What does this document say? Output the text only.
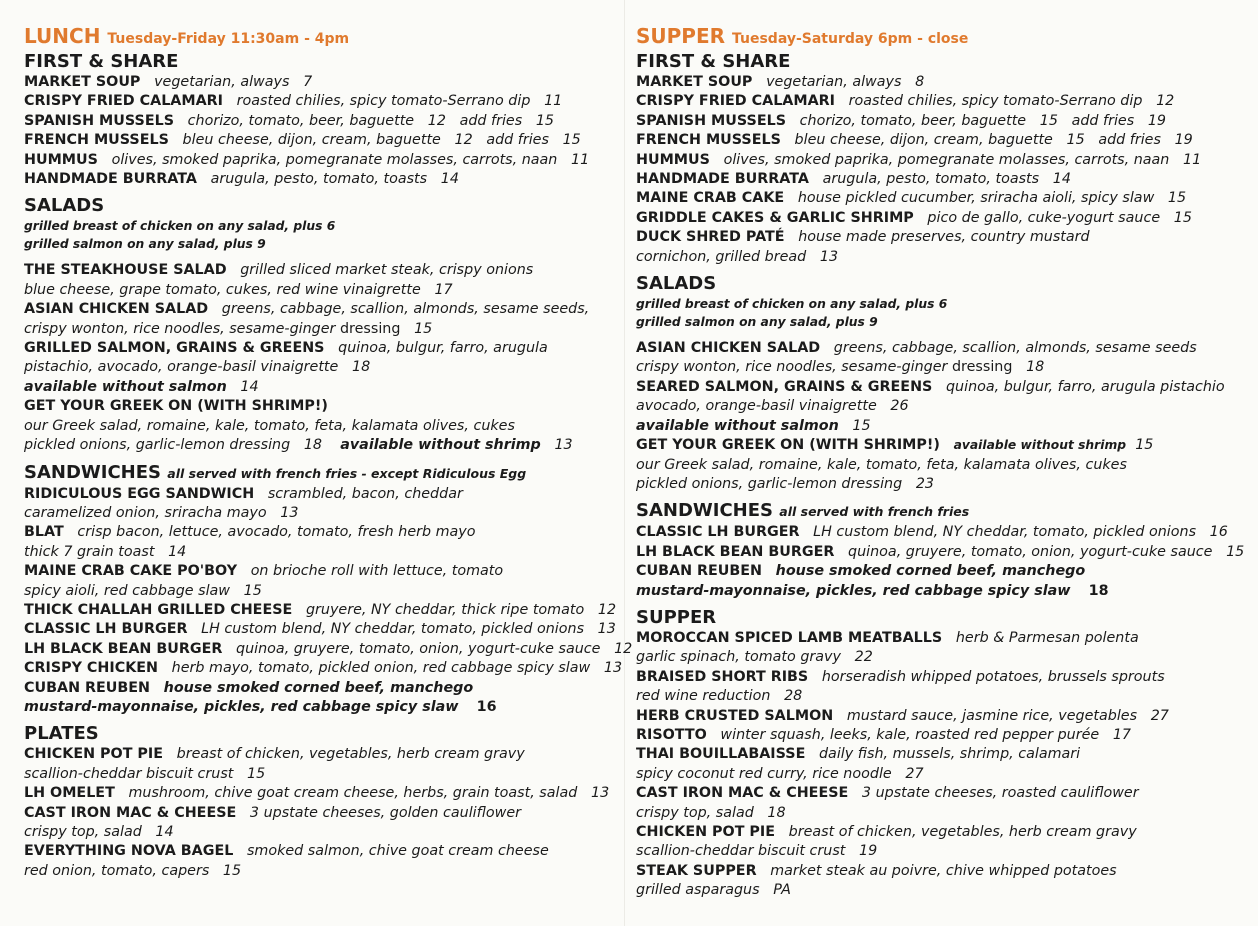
LUNCH Tuesday-Friday 11:30am - 4pm
FIRST & SHARE

MARKET SOUP vegetarian, always 7

CRISPY FRIED CALAMARI roasted chilies, spicy tomato-Serrano dip 11

SPANISH MUSSELS chorizo, tomato, beer, baguette 12 add fries 15

FRENCH MUSSELS bleu cheese, dijon, cream, baguette 12 add fries 15

HUMMUS olives, smoked paprika, pomegranate molasses, carrots, naan 11

HANDMADE BURRATA arugula, pesto, tomato, toasts 14

SALADS

grilled breast of chicken on any salad, plus 6

grilled salmon on any salad, plus 9

THE STEAKHOUSE SALAD grilled sliced market steak, crispy onions

blue cheese, grape tomato, cukes, red wine vinaigrette 17

ASIAN CHICKEN SALAD greens, cabbage, scallion, almonds, sesame seeds,

crispy wonton, rice noodles, sesame-ginger dressing 15

GRILLED SALMON, GRAINS & GREENS quinoa, bulgur, farro, arugula

pistachio, avocado, orange-basil vinaigrette 18

available without salmon 14

GET YOUR GREEK ON (WITH SHRIMP!)

our Greek salad, romaine, kale, tomato, feta, kalamata olives, cukes

pickled onions, garlic-lemon dressing 18 available without shrimp 13

SANDWICHES all served with french fries - except Ridiculous Egg

RIDICULOUS EGG SANDWICH scrambled, bacon, cheddar

caramelized onion, sriracha mayo 13

BLAT crisp bacon, lettuce, avocado, tomato, fresh herb mayo

thick 7 grain toast 14

MAINE CRAB CAKE PO'BOY on brioche roll with lettuce, tomato

spicy aioli, red cabbage slaw 15

THICK CHALLAH GRILLED CHEESE gruyere, NY cheddar, thick ripe tomato 12

CLASSIC LH BURGER LH custom blend, NY cheddar, tomato, pickled onions 13

LH BLACK BEAN BURGER quinoa, gruyere, tomato, onion, yogurt-cuke sauce 12

CRISPY CHICKEN herb mayo, tomato, pickled onion, red cabbage spicy slaw 13

CUBAN REUBEN house smoked corned beef, manchego

mustard-mayonnaise, pickles, red cabbage spicy slaw 16

PLATES

CHICKEN POT PIE breast of chicken, vegetables, herb cream gravy

scallion-cheddar biscuit crust 15

LH OMELET mushroom, chive goat cream cheese, herbs, grain toast, salad 13

CAST IRON MAC & CHEESE 3 upstate cheeses, golden cauliflower

crispy top, salad 14

EVERYTHING NOVA BAGEL smoked salmon, chive goat cream cheese

red onion, tomato, capers 15

SUPPER Tuesday-Saturday 6pm - close
FIRST & SHARE

MARKET SOUP vegetarian, always 8

CRISPY FRIED CALAMARI roasted chilies, spicy tomato-Serrano dip 12

SPANISH MUSSELS chorizo, tomato, beer, baguette 15 add fries 19

FRENCH MUSSELS bleu cheese, dijon, cream, baguette 15 add fries 19

HUMMUS olives, smoked paprika, pomegranate molasses, carrots, naan 11

HANDMADE BURRATA arugula, pesto, tomato, toasts 14

MAINE CRAB CAKE house pickled cucumber, sriracha aioli, spicy slaw 15

GRIDDLE CAKES & GARLIC SHRIMP pico de gallo, cuke-yogurt sauce 15

DUCK SHRED PATÉ house made preserves, country mustard

cornichon, grilled bread 13

SALADS

grilled breast of chicken on any salad, plus 6

grilled salmon on any salad, plus 9

ASIAN CHICKEN SALAD greens, cabbage, scallion, almonds, sesame seeds

crispy wonton, rice noodles, sesame-ginger dressing 18

SEARED SALMON, GRAINS & GREENS quinoa, bulgur, farro, arugula pistachio

avocado, orange-basil vinaigrette 26

available without salmon 15

GET YOUR GREEK ON (WITH SHRIMP!) available without shrimp 15

our Greek salad, romaine, kale, tomato, feta, kalamata olives, cukes

pickled onions, garlic-lemon dressing 23

SANDWICHES all served with french fries

CLASSIC LH BURGER LH custom blend, NY cheddar, tomato, pickled onions 16

LH BLACK BEAN BURGER quinoa, gruyere, tomato, onion, yogurt-cuke sauce 15

CUBAN REUBEN house smoked corned beef, manchego

mustard-mayonnaise, pickles, red cabbage spicy slaw 18

SUPPER

MOROCCAN SPICED LAMB MEATBALLS herb & Parmesan polenta

garlic spinach, tomato gravy 22

BRAISED SHORT RIBS horseradish whipped potatoes, brussels sprouts

red wine reduction 28

HERB CRUSTED SALMON mustard sauce, jasmine rice, vegetables 27

RISOTTO winter squash, leeks, kale, roasted red pepper purée 17

THAI BOUILLABAISSE daily fish, mussels, shrimp, calamari

spicy coconut red curry, rice noodle 27

CAST IRON MAC & CHEESE 3 upstate cheeses, roasted cauliflower

crispy top, salad 18

CHICKEN POT PIE breast of chicken, vegetables, herb cream gravy

scallion-cheddar biscuit crust 19

STEAK SUPPER market steak au poivre, chive whipped potatoes

grilled asparagus PA
